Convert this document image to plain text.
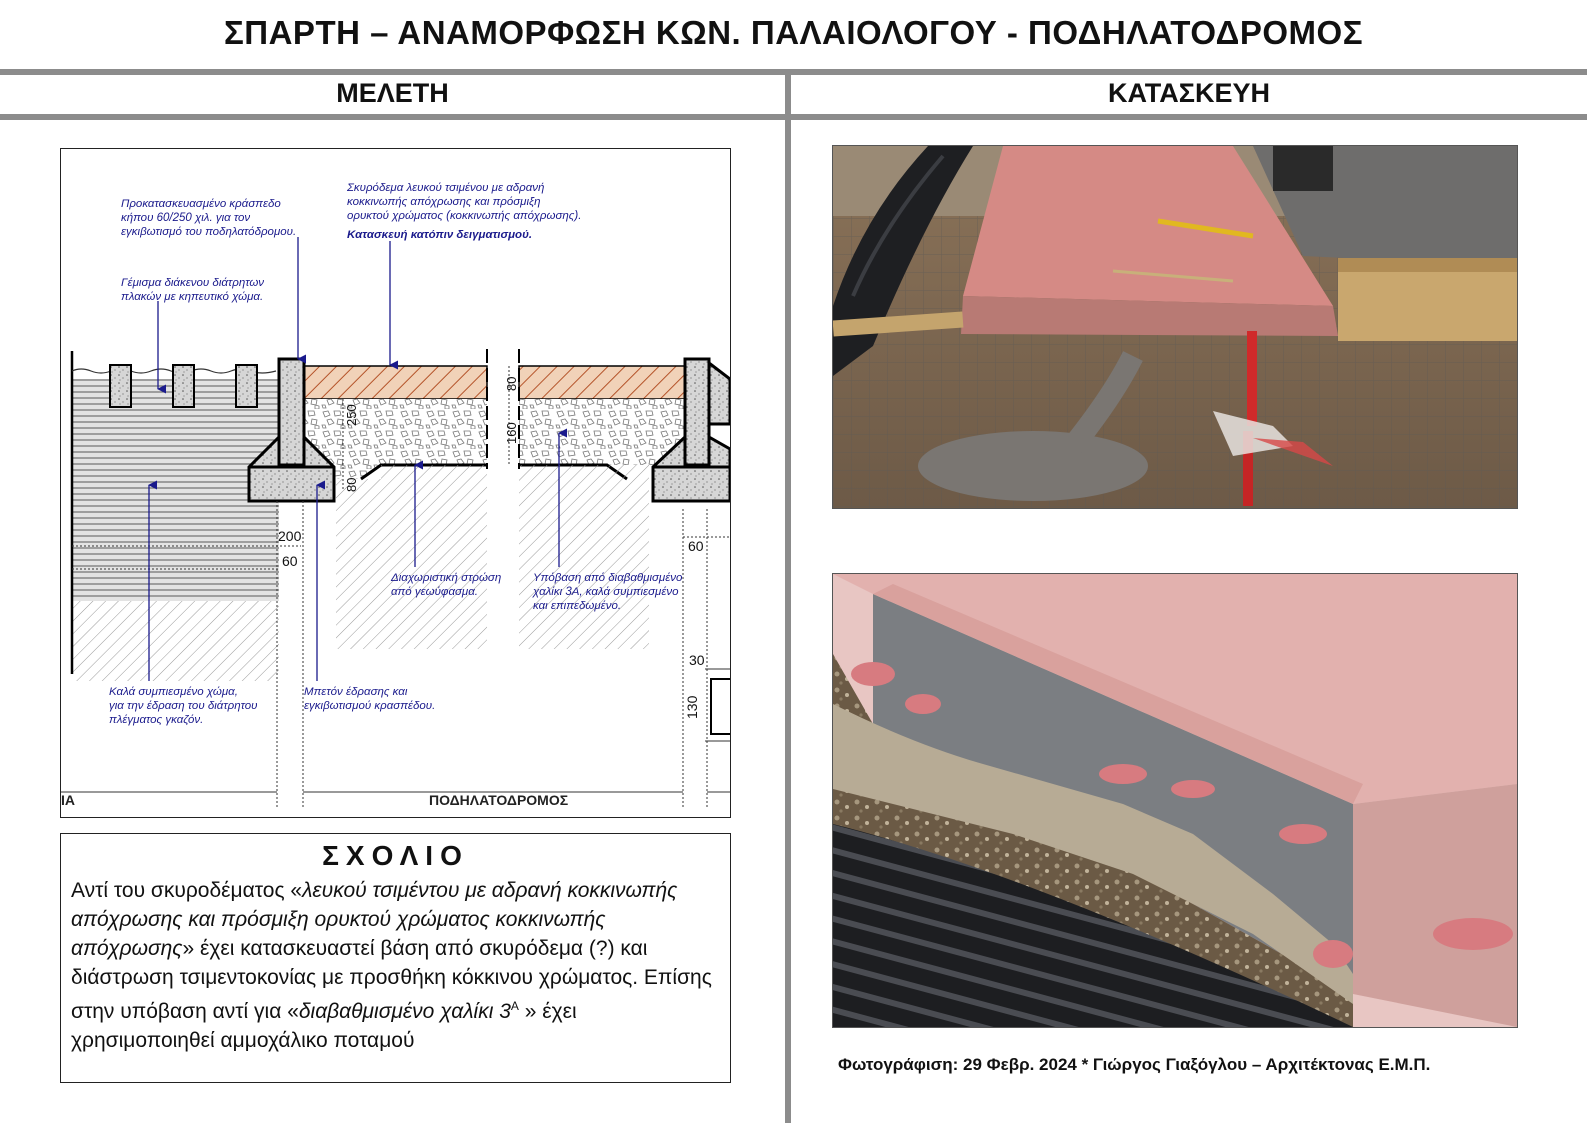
ΣΠΑΡΤΗ – ΑΝΑΜΟΡΦΩΣΗ ΚΩΝ. ΠΑΛΑΙΟΛΟΓΟΥ - ΠΟΔΗΛΑΤΟΔΡΟΜΟΣ
ΜΕΛΕΤΗ	ΚΑΤΑΣΚΕΥΗ
80
160
250
80
200
60
60
30
130
ΙΑ	ΠΟΔΗΛΑΤΟΔΡΟΜΟΣ
Προκατασκευασμένο κράσπεδο
κήπου 60/250 χιλ. για τον
εγκιβωτισμό του ποδηλατόδρομου.
Γέμισμα διάκενου διάτρητων
πλακών με κηπευτικό χώμα.
Σκυρόδεμα λευκού τσιμένου με αδρανή
κοκκινωπής απόχρωσης και πρόσμιξη
ορυκτού χρώματος (κοκκινωπής απόχρωσης).
Κατασκευή κατόπιν δειγματισμού.
Καλά συμπιεσμένο χώμα,
για την έδραση του διάτρητου
πλέγματος γκαζόν.
Μπετόν έδρασης και
εγκιβωτισμού κρασπέδου.
Διαχωριστική στρώση
από γεωύφασμα.
Υπόβαση από διαβαθμισμένο
χαλίκι 3Α, καλά συμπιεσμένο
και επιπεδωμένο.
ΣΧΟΛΙΟ
Αντί του σκυροδέματος «λευκού τσιμέντου με αδρανή κοκκινωπής απόχρωσης και πρόσμιξη ορυκτού χρώματος κοκκινωπής απόχρωσης» έχει κατασκευαστεί βάση από σκυρόδεμα (?) και διάστρωση τσιμεντοκονίας με προσθήκη κόκκινου χρώματος. Επίσης στην υπόβαση αντί για «διαβαθμισμένο χαλίκι $3^A$ » έχει χρησιμοποιηθεί αμμοχάλικο ποταμού
Φωτογράφιση: 29 Φεβρ. 2024 * Γιώργος Γιαξόγλου – Αρχιτέκτονας Ε.Μ.Π.
